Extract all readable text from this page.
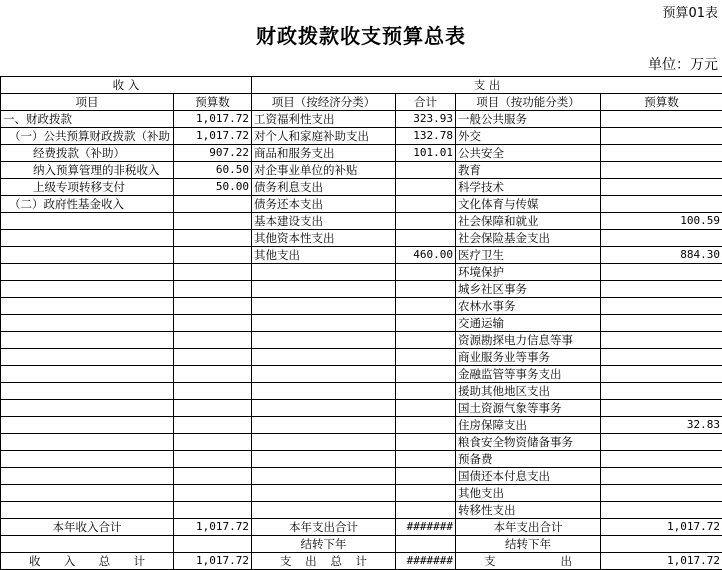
预算01表
财政拨款收支预算总表
单位：万元
收 入		支 出			
项目	预算数	项目（按经济分类）	合计	项目（按功能分类）	预算数
一、财政拨款	1,017.72	工资福利性支出	323.93	一般公共服务	
（一）公共预算财政拨款（补助	1,017.72	对个人和家庭补助支出	132.78	外交	
经费拨款（补助）	907.22	商品和服务支出	101.01	公共安全	
纳入预算管理的非税收入	60.50	对企事业单位的补贴		教育	
上级专项转移支付	50.00	债务利息支出		科学技术	
（二）政府性基金收入		债务还本支出		文化体育与传媒	
		基本建设支出		社会保障和就业	100.59
		其他资本性支出		社会保险基金支出	
		其他支出	460.00	医疗卫生	884.30
				环境保护	
				城乡社区事务	
				农林水事务	
				交通运输	
				资源勘探电力信息等事	
				商业服务业等事务	
				金融监管等事务支出	
				援助其他地区支出	
				国土资源气象等事务	
				住房保障支出	32.83
				粮食安全物资储备事务	
				预备费	
				国债还本付息支出	
				其他支出	
				转移性支出	
本年收入合计	1,017.72	本年支出合计	#######	本年支出合计	1,017.72
		结转下年		结转下年	

收 入 总 计	1,017.72	支 出 总 计	#######	支 出	1,017.72
